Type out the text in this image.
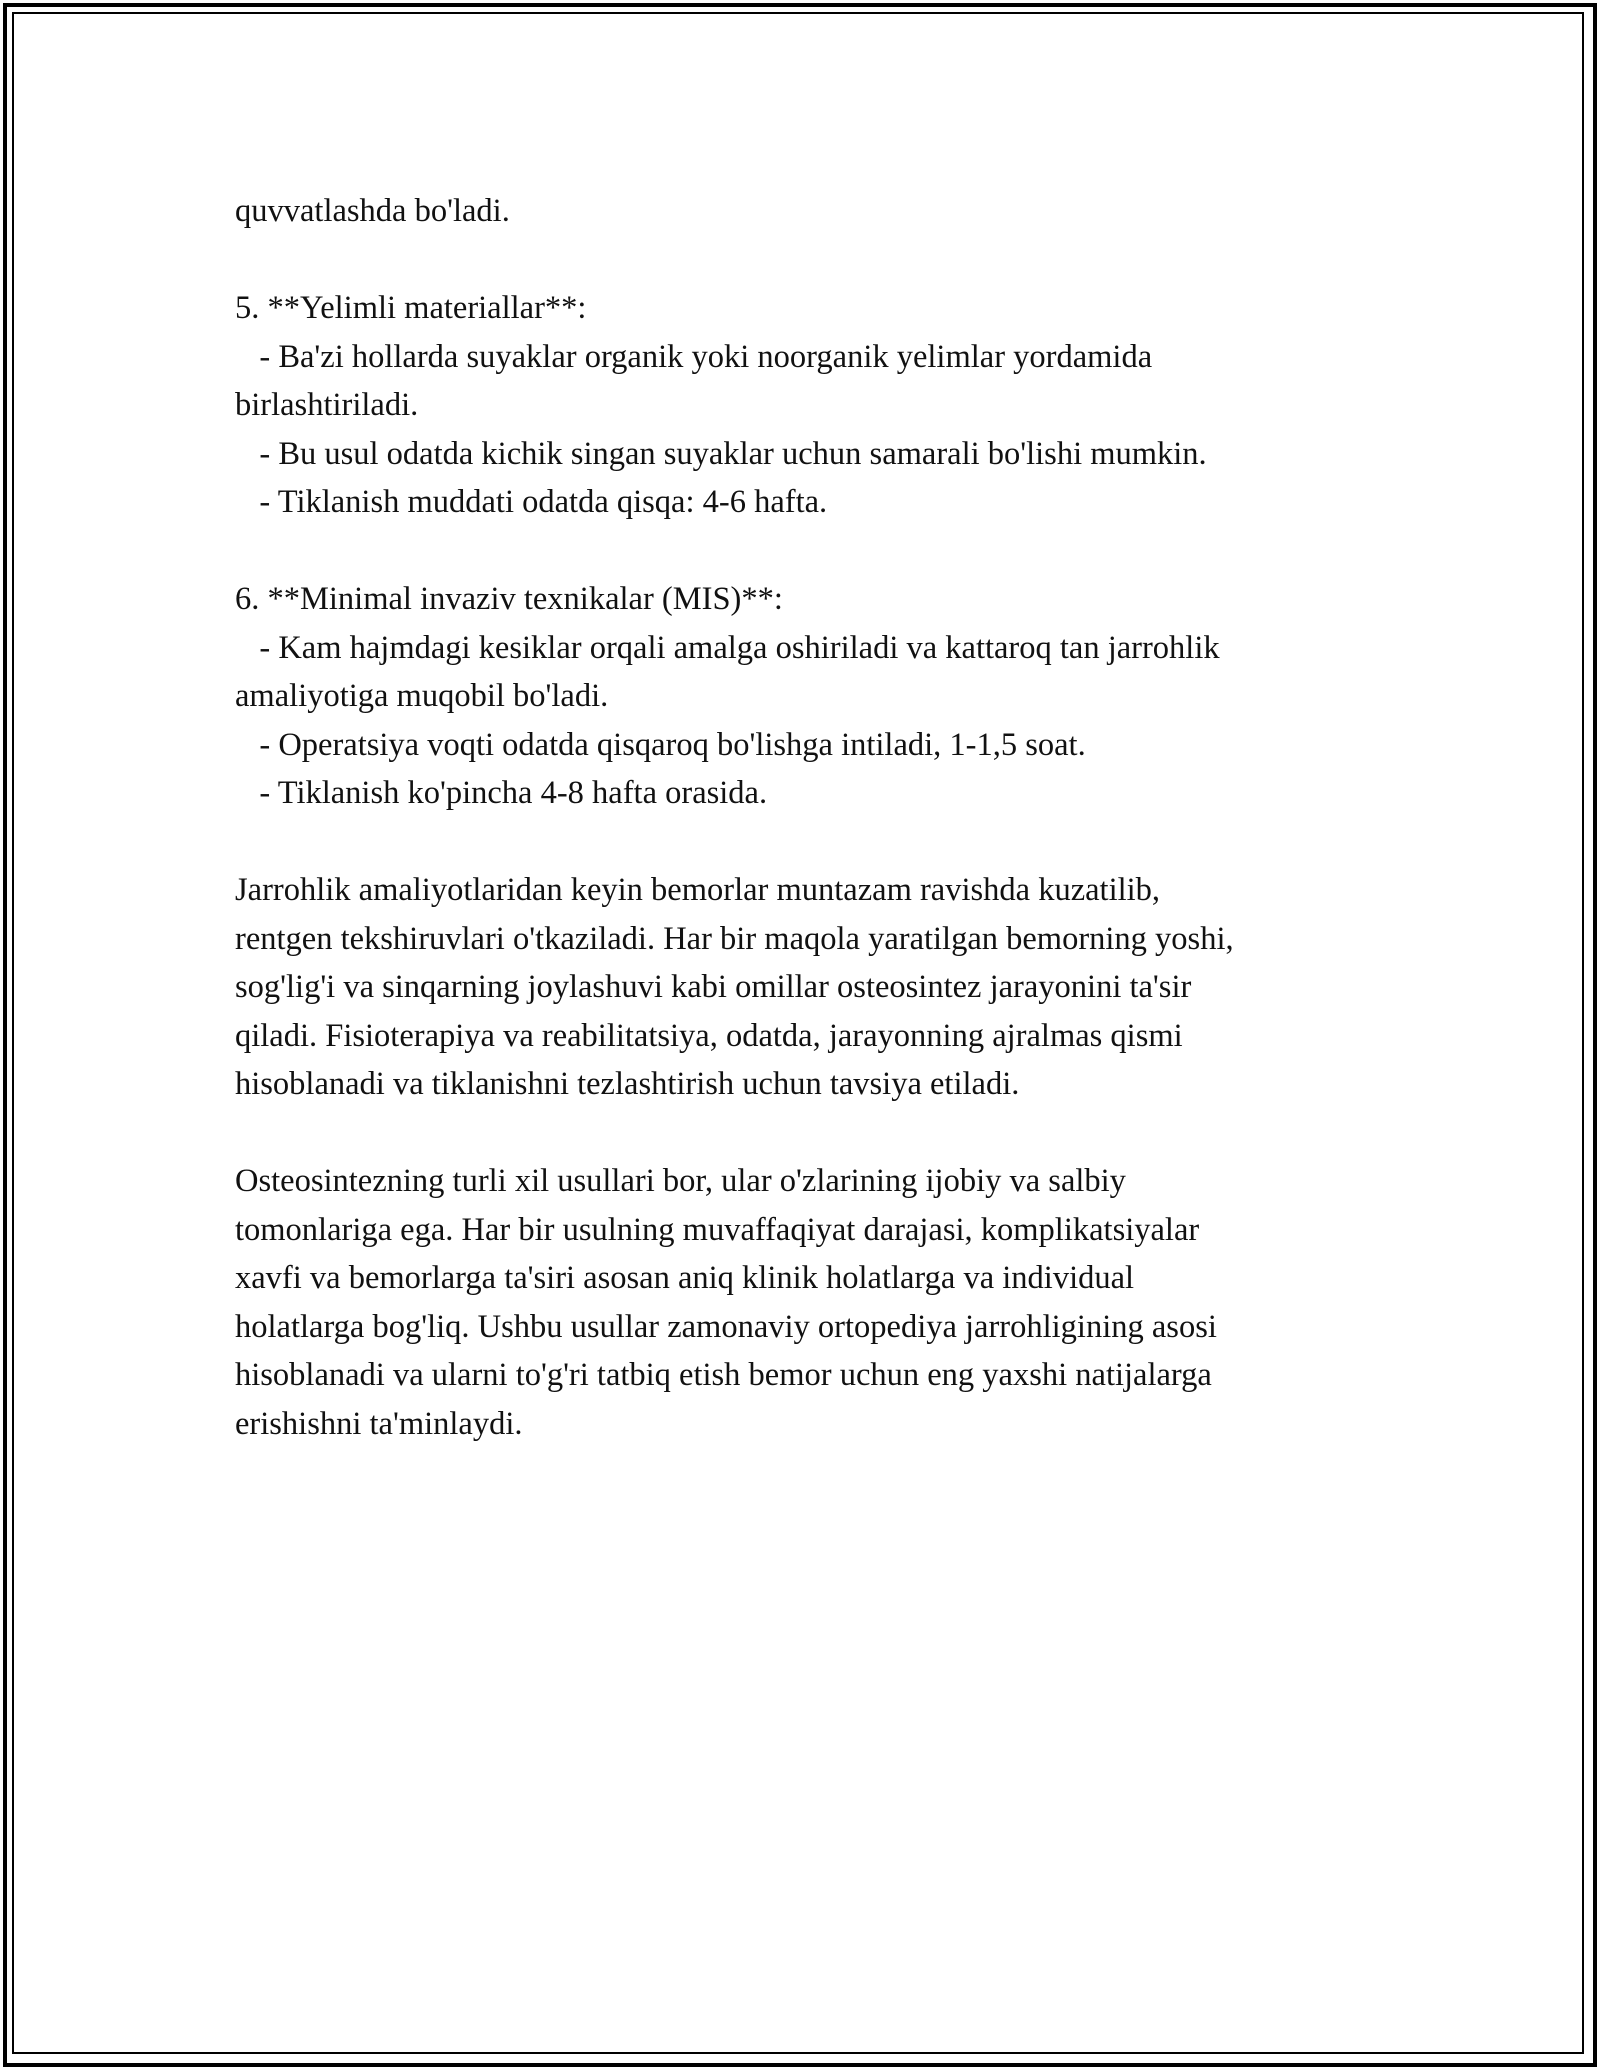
quvvatlashda bo'ladi.
5. **Yelimli materiallar**:
- Ba'zi hollarda suyaklar organik yoki noorganik yelimlar yordamida
birlashtiriladi.
- Bu usul odatda kichik singan suyaklar uchun samarali bo'lishi mumkin.
- Tiklanish muddati odatda qisqa: 4-6 hafta.
6. **Minimal invaziv texnikalar (MIS)**:
- Kam hajmdagi kesiklar orqali amalga oshiriladi va kattaroq tan jarrohlik
amaliyotiga muqobil bo'ladi.
- Operatsiya voqti odatda qisqaroq bo'lishga intiladi, 1-1,5 soat.
- Tiklanish ko'pincha 4-8 hafta orasida.
Jarrohlik amaliyotlaridan keyin bemorlar muntazam ravishda kuzatilib,
rentgen tekshiruvlari o'tkaziladi. Har bir maqola yaratilgan bemorning yoshi,
sog'lig'i va sinqarning joylashuvi kabi omillar osteosintez jarayonini ta'sir
qiladi. Fisioterapiya va reabilitatsiya, odatda, jarayonning ajralmas qismi
hisoblanadi va tiklanishni tezlashtirish uchun tavsiya etiladi.
Osteosintezning turli xil usullari bor, ular o'zlarining ijobiy va salbiy
tomonlariga ega. Har bir usulning muvaffaqiyat darajasi, komplikatsiyalar
xavfi va bemorlarga ta'siri asosan aniq klinik holatlarga va individual
holatlarga bog'liq. Ushbu usullar zamonaviy ortopediya jarrohligining asosi
hisoblanadi va ularni to'g'ri tatbiq etish bemor uchun eng yaxshi natijalarga
erishishni ta'minlaydi.
